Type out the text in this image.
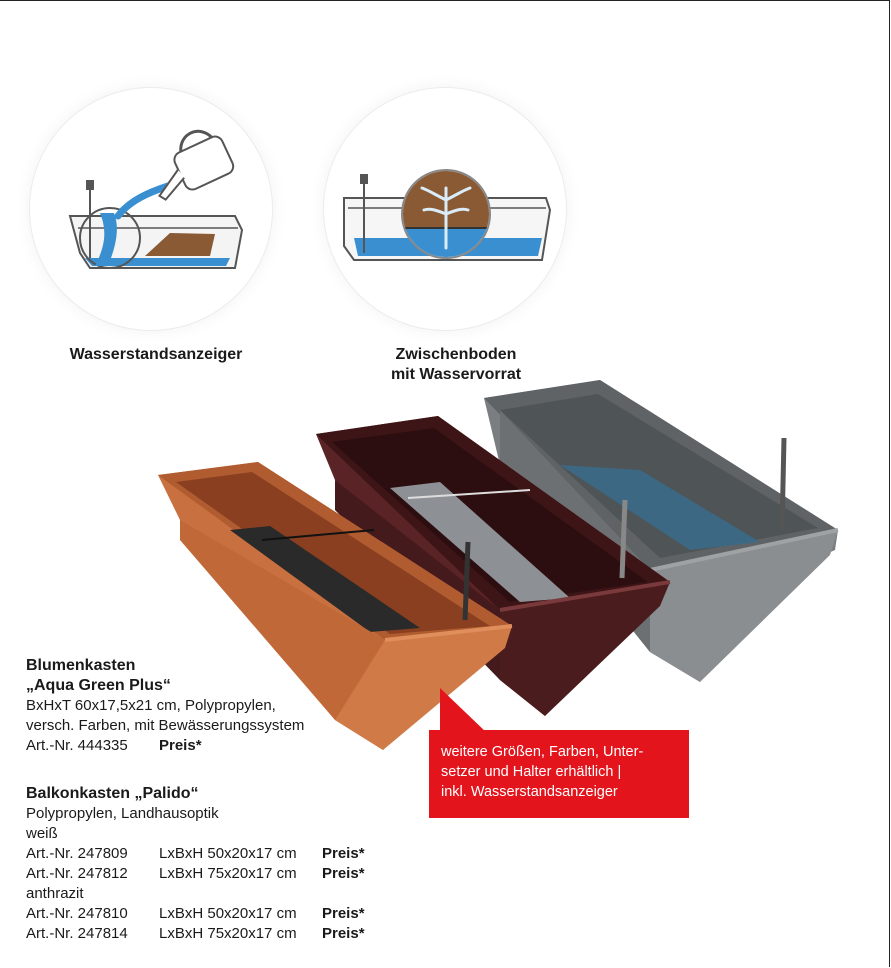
Wasserstandsanzeiger	Zwischenboden
mit Wasservorrat
Blumenkasten
„Aqua Green Plus“
BxHxT 60x17,5x21 cm, Polypropylen,
versch. Farben, mit Bewässerungssystem
Art.-Nr. 444335	Preis*
Balkonkasten „Palido“
Polypropylen, Landhausoptik
weiß
Art.-Nr. 247809	LxBxH 50x20x17 cm	Preis*
Art.-Nr. 247812	LxBxH 75x20x17 cm	Preis*
anthrazit
Art.-Nr. 247810	LxBxH 50x20x17 cm	Preis*
Art.-Nr. 247814	LxBxH 75x20x17 cm	Preis*
weitere Größen, Farben, Unter-
setzer und Halter erhältlich |
inkl. Wasserstandsanzeiger
